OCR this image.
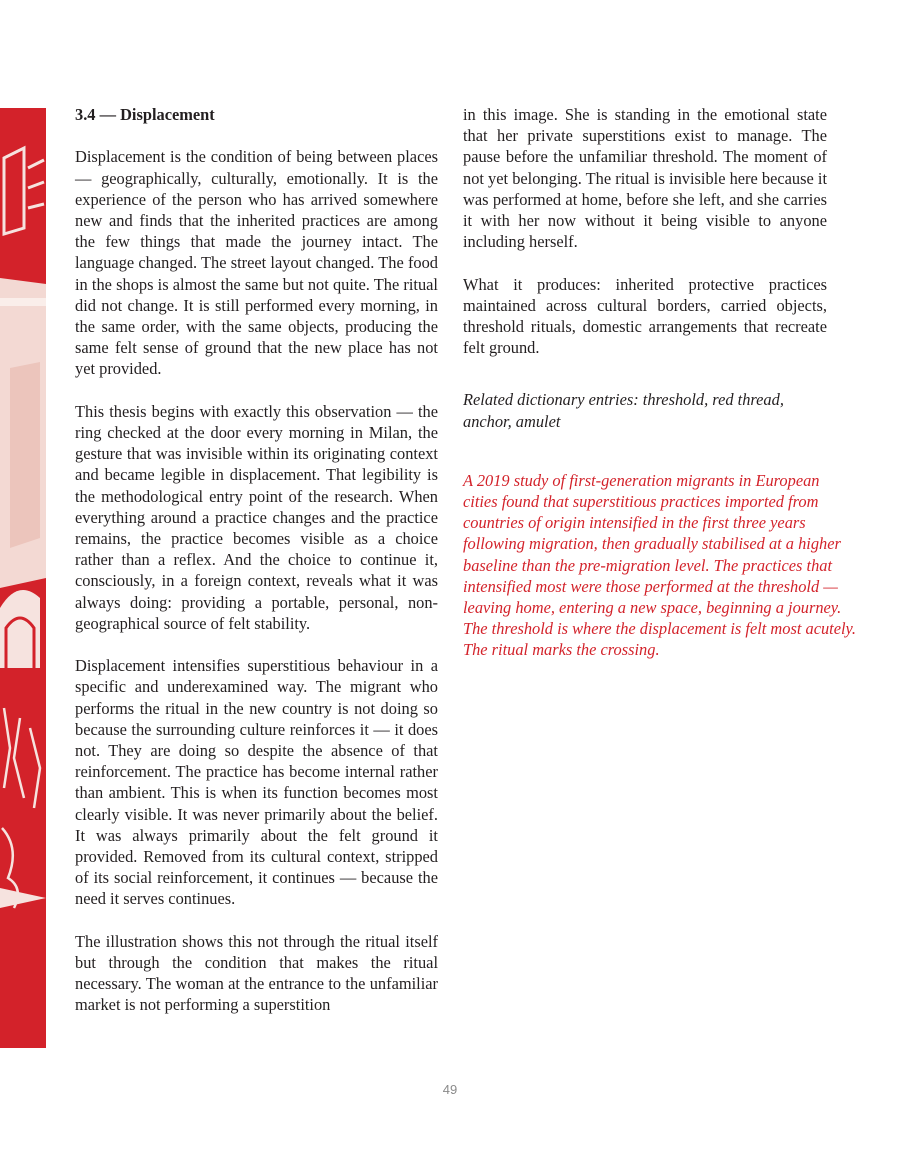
3.4 — Displacement

Displacement is the condition of being between places — geographically, culturally, emotionally. It is the experience of the person who has arrived somewhere new and finds that the inherited practices are among the few things that made the journey intact. The language changed. The street layout changed. The food in the shops is almost the same but not quite. The ritual did not change. It is still performed every morning, in the same order, with the same objects, producing the same felt sense of ground that the new place has not yet provided.

This thesis begins with exactly this observation — the ring checked at the door every morning in Milan, the gesture that was invisible within its originating context and became legible in displacement. That legibility is the methodological entry point of the research. When everything around a practice changes and the practice remains, the practice becomes visible as a choice rather than a reflex. And the choice to continue it, consciously, in a foreign context, reveals what it was always doing: providing a portable, personal, non-geographical source of felt stability.

Displacement intensifies superstitious behaviour in a specific and underexamined way. The migrant who performs the ritual in the new country is not doing so because the surrounding culture reinforces it — it does not. They are doing so despite the absence of that reinforcement. The practice has become internal rather than ambient. This is when its function becomes most clearly visible. It was never primarily about the belief. It was always primarily about the felt ground it provided. Removed from its cultural context, stripped of its social reinforcement, it continues — because the need it serves continues.

The illustration shows this not through the ritual itself but through the condition that makes the ritual necessary. The woman at the entrance to the unfamiliar market is not performing a superstition

in this image. She is standing in the emotional state that her private superstitions exist to manage. The pause before the unfamiliar threshold. The moment of not yet belonging. The ritual is invisible here because it was performed at home, before she left, and she carries it with her now without it being visible to anyone including herself.

What it produces: inherited protective practices maintained across cultural borders, carried objects, threshold rituals, domestic arrangements that recreate felt ground.

Related dictionary entries: threshold, red thread, anchor, amulet

A 2019 study of first-generation migrants in European cities found that superstitious practices imported from countries of origin intensified in the first three years following migration, then gradually stabilised at a higher baseline than the pre-migration level. The practices that intensified most were those performed at the threshold — leaving home, entering a new space, beginning a journey. The threshold is where the displacement is felt most acutely. The ritual marks the crossing.

49
